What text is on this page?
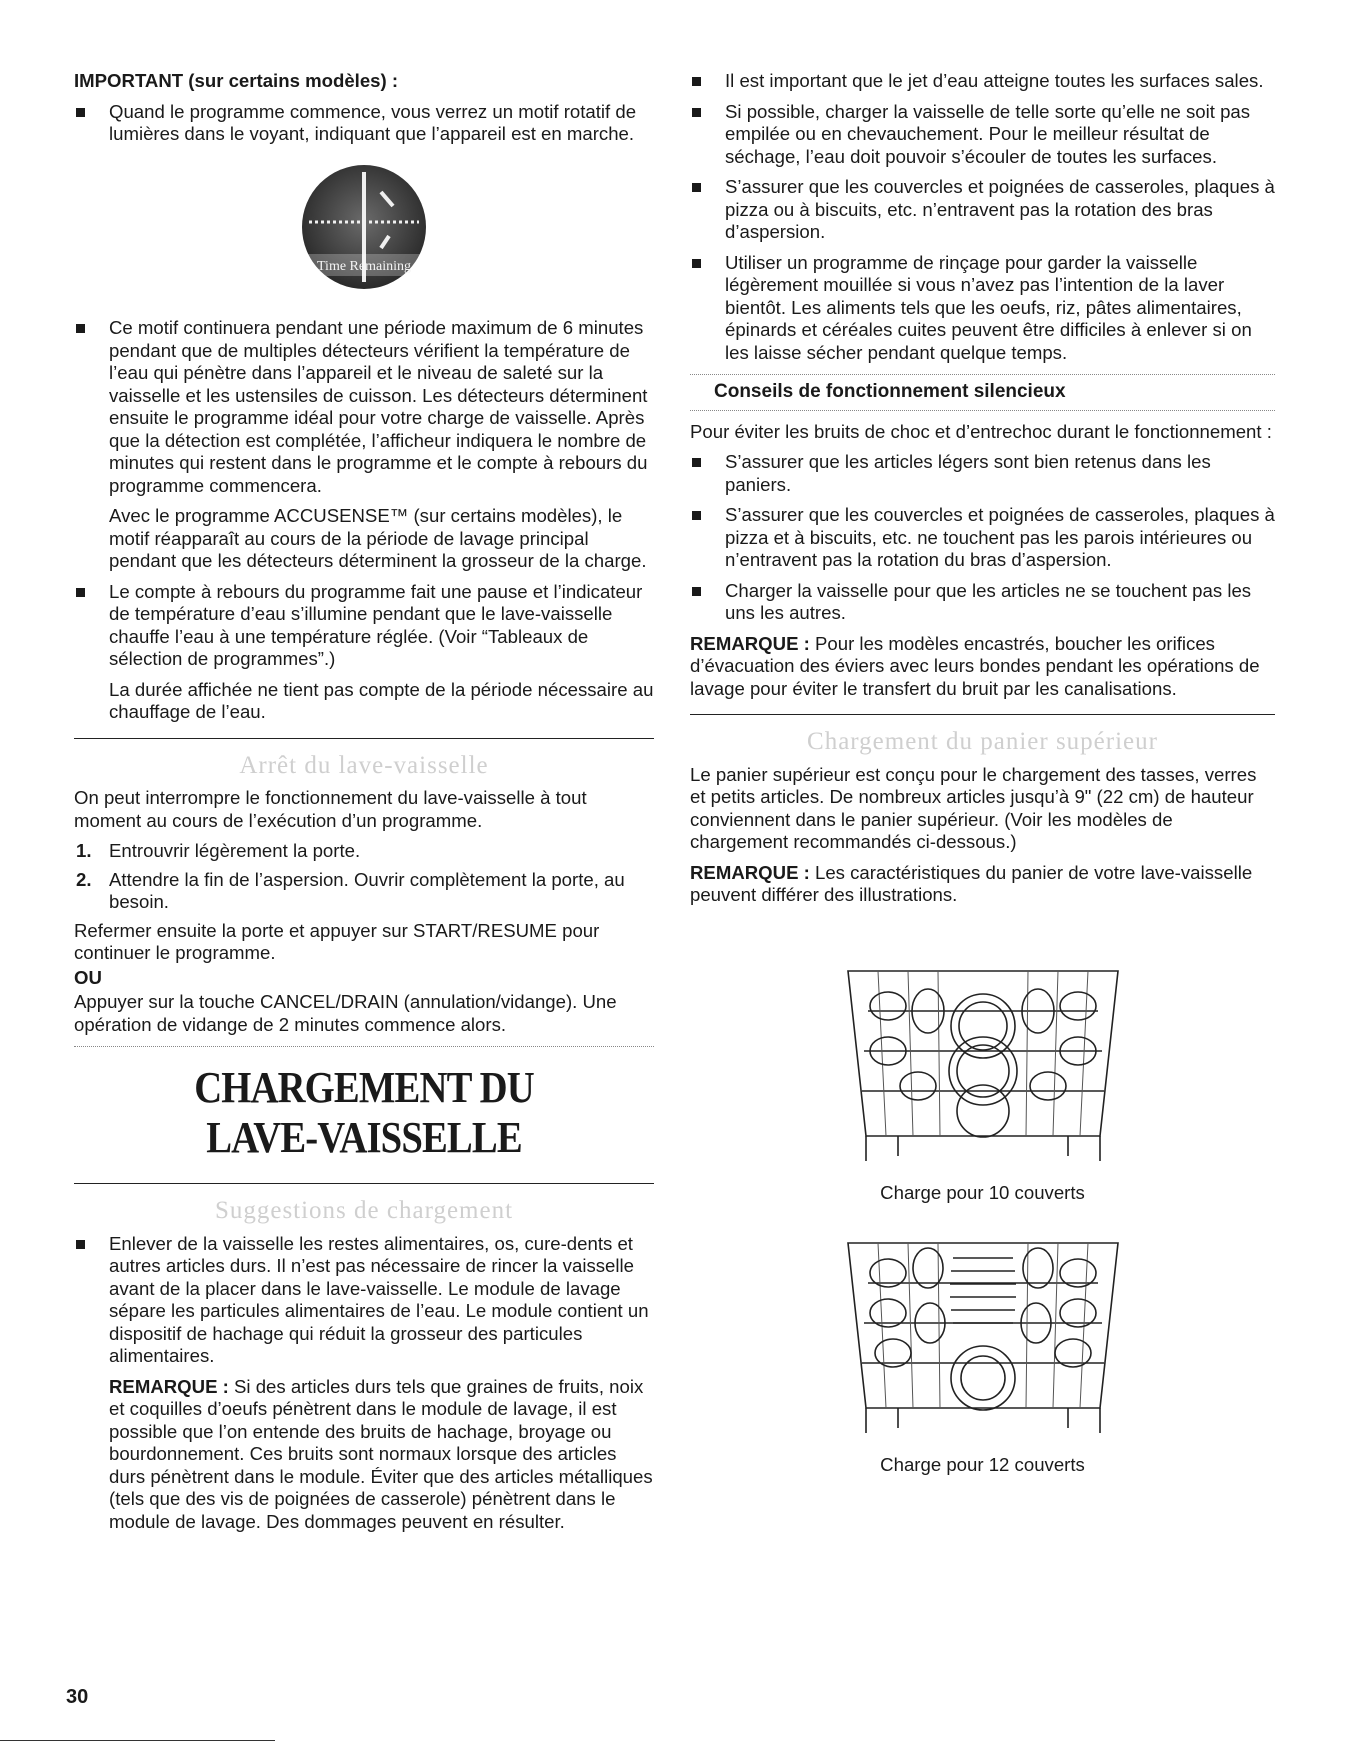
IMPORTANT (sur certains modèles) :

Quand le programme commence, vous verrez un motif rotatif de lumières dans le voyant, indiquant que l’appareil est en marche.
Time Remaining
Ce motif continuera pendant une période maximum de 6 minutes pendant que de multiples détecteurs vérifient la température de l’eau qui pénètre dans l’appareil et le niveau de saleté sur la vaisselle et les ustensiles de cuisson. Les détecteurs déterminent ensuite le programme idéal pour votre charge de vaisselle. Après que la détection est complétée, l’afficheur indiquera le nombre de minutes qui restent dans le programme et le compte à rebours du programme commencera.

Avec le programme ACCUSENSE™ (sur certains modèles), le motif réapparaît au cours de la période de lavage principal pendant que les détecteurs déterminent la grosseur de la charge.

Le compte à rebours du programme fait une pause et l’indicateur de température d’eau s’illumine pendant que le lave-vaisselle chauffe l’eau à une température réglée. (Voir “Tableaux de sélection de programmes”.)

La durée affichée ne tient pas compte de la période nécessaire au chauffage de l’eau.

Arrêt du lave-vaisselle

On peut interrompre le fonctionnement du lave-vaisselle à tout moment au cours de l’exécution d’un programme.

1. Entrouvrir légèrement la porte.
2. Attendre la fin de l’aspersion. Ouvrir complètement la porte, au besoin.

Refermer ensuite la porte et appuyer sur START/RESUME pour continuer le programme.

OU

Appuyer sur la touche CANCEL/DRAIN (annulation/vidange). Une opération de vidange de 2 minutes commence alors.

CHARGEMENT DU
LAVE-VAISSELLE
Suggestions de chargement
Enlever de la vaisselle les restes alimentaires, os, cure-dents et autres articles durs. Il n’est pas nécessaire de rincer la vaisselle avant de la placer dans le lave-vaisselle. Le module de lavage sépare les particules alimentaires de l’eau. Le module contient un dispositif de hachage qui réduit la grosseur des particules alimentaires.

REMARQUE : Si des articles durs tels que graines de fruits, noix et coquilles d’oeufs pénètrent dans le module de lavage, il est possible que l’on entende des bruits de hachage, broyage ou bourdonnement. Ces bruits sont normaux lorsque des articles durs pénètrent dans le module. Éviter que des articles métalliques (tels que des vis de poignées de casserole) pénètrent dans le module de lavage. Des dommages peuvent en résulter.

Il est important que le jet d’eau atteigne toutes les surfaces sales.
Si possible, charger la vaisselle de telle sorte qu’elle ne soit pas empilée ou en chevauchement. Pour le meilleur résultat de séchage, l’eau doit pouvoir s’écouler de toutes les surfaces.
S’assurer que les couvercles et poignées de casseroles, plaques à pizza ou à biscuits, etc. n’entravent pas la rotation des bras d’aspersion.
Utiliser un programme de rinçage pour garder la vaisselle légèrement mouillée si vous n’avez pas l’intention de la laver bientôt. Les aliments tels que les oeufs, riz, pâtes alimentaires, épinards et céréales cuites peuvent être difficiles à enlever si on les laisse sécher pendant quelque temps.
Conseils de fonctionnement silencieux

Pour éviter les bruits de choc et d’entrechoc durant le fonctionnement :

S’assurer que les articles légers sont bien retenus dans les paniers.
S’assurer que les couvercles et poignées de casseroles, plaques à pizza et à biscuits, etc. ne touchent pas les parois intérieures ou n’entravent pas la rotation du bras d’aspersion.
Charger la vaisselle pour que les articles ne se touchent pas les uns les autres.

REMARQUE : Pour les modèles encastrés, boucher les orifices d’évacuation des éviers avec leurs bondes pendant les opérations de lavage pour éviter le transfert du bruit par les canalisations.

Chargement du panier supérieur

Le panier supérieur est conçu pour le chargement des tasses, verres et petits articles. De nombreux articles jusqu’à 9" (22 cm) de hauteur conviennent dans le panier supérieur. (Voir les modèles de chargement recommandés ci-dessous.)

REMARQUE : Les caractéristiques du panier de votre lave-vaisselle peuvent différer des illustrations.

Charge pour 10 couverts
Charge pour 12 couverts
30
